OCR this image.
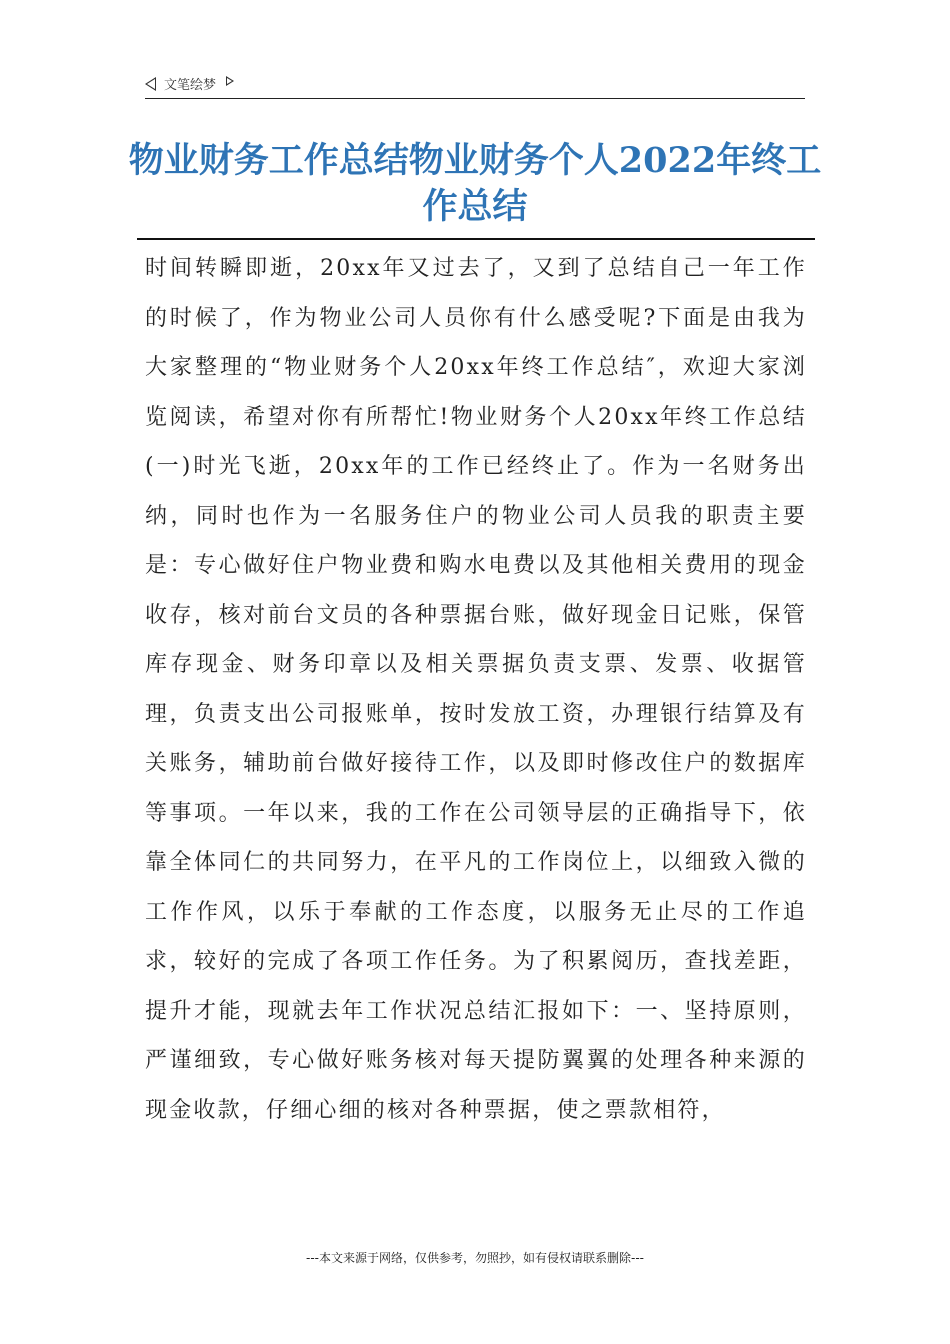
文笔绘梦
物业财务工作总结物业财务个人2022年终工作总结

时间转瞬即逝，20xx年又过去了，又到了总结自己一年工作的时候了，作为物业公司人员你有什么感受呢?下面是由我为大家整理的“物业财务个人20xx年终工作总结″，欢迎大家浏览阅读，希望对你有所帮忙!物业财务个人20xx年终工作总结(一)时光飞逝，20xx年的工作已经终止了。作为一名财务出纳，同时也作为一名服务住户的物业公司人员我的职责主要是：专心做好住户物业费和购水电费以及其他相关费用的现金收存，核对前台文员的各种票据台账，做好现金日记账，保管库存现金、财务印章以及相关票据负责支票、发票、收据管理，负责支出公司报账单，按时发放工资，办理银行结算及有关账务，辅助前台做好接待工作，以及即时修改住户的数据库等事项。一年以来，我的工作在公司领导层的正确指导下，依靠全体同仁的共同努力，在平凡的工作岗位上，以细致入微的工作作风，以乐于奉献的工作态度，以服务无止尽的工作追求，较好的完成了各项工作任务。为了积累阅历，查找差距，提升才能，现就去年工作状况总结汇报如下：一、坚持原则，严谨细致，专心做好账务核对每天提防翼翼的处理各种来源的现金收款，仔细心细的核对各种票据，使之票款相符，

---本文来源于网络，仅供参考，勿照抄，如有侵权请联系删除---
